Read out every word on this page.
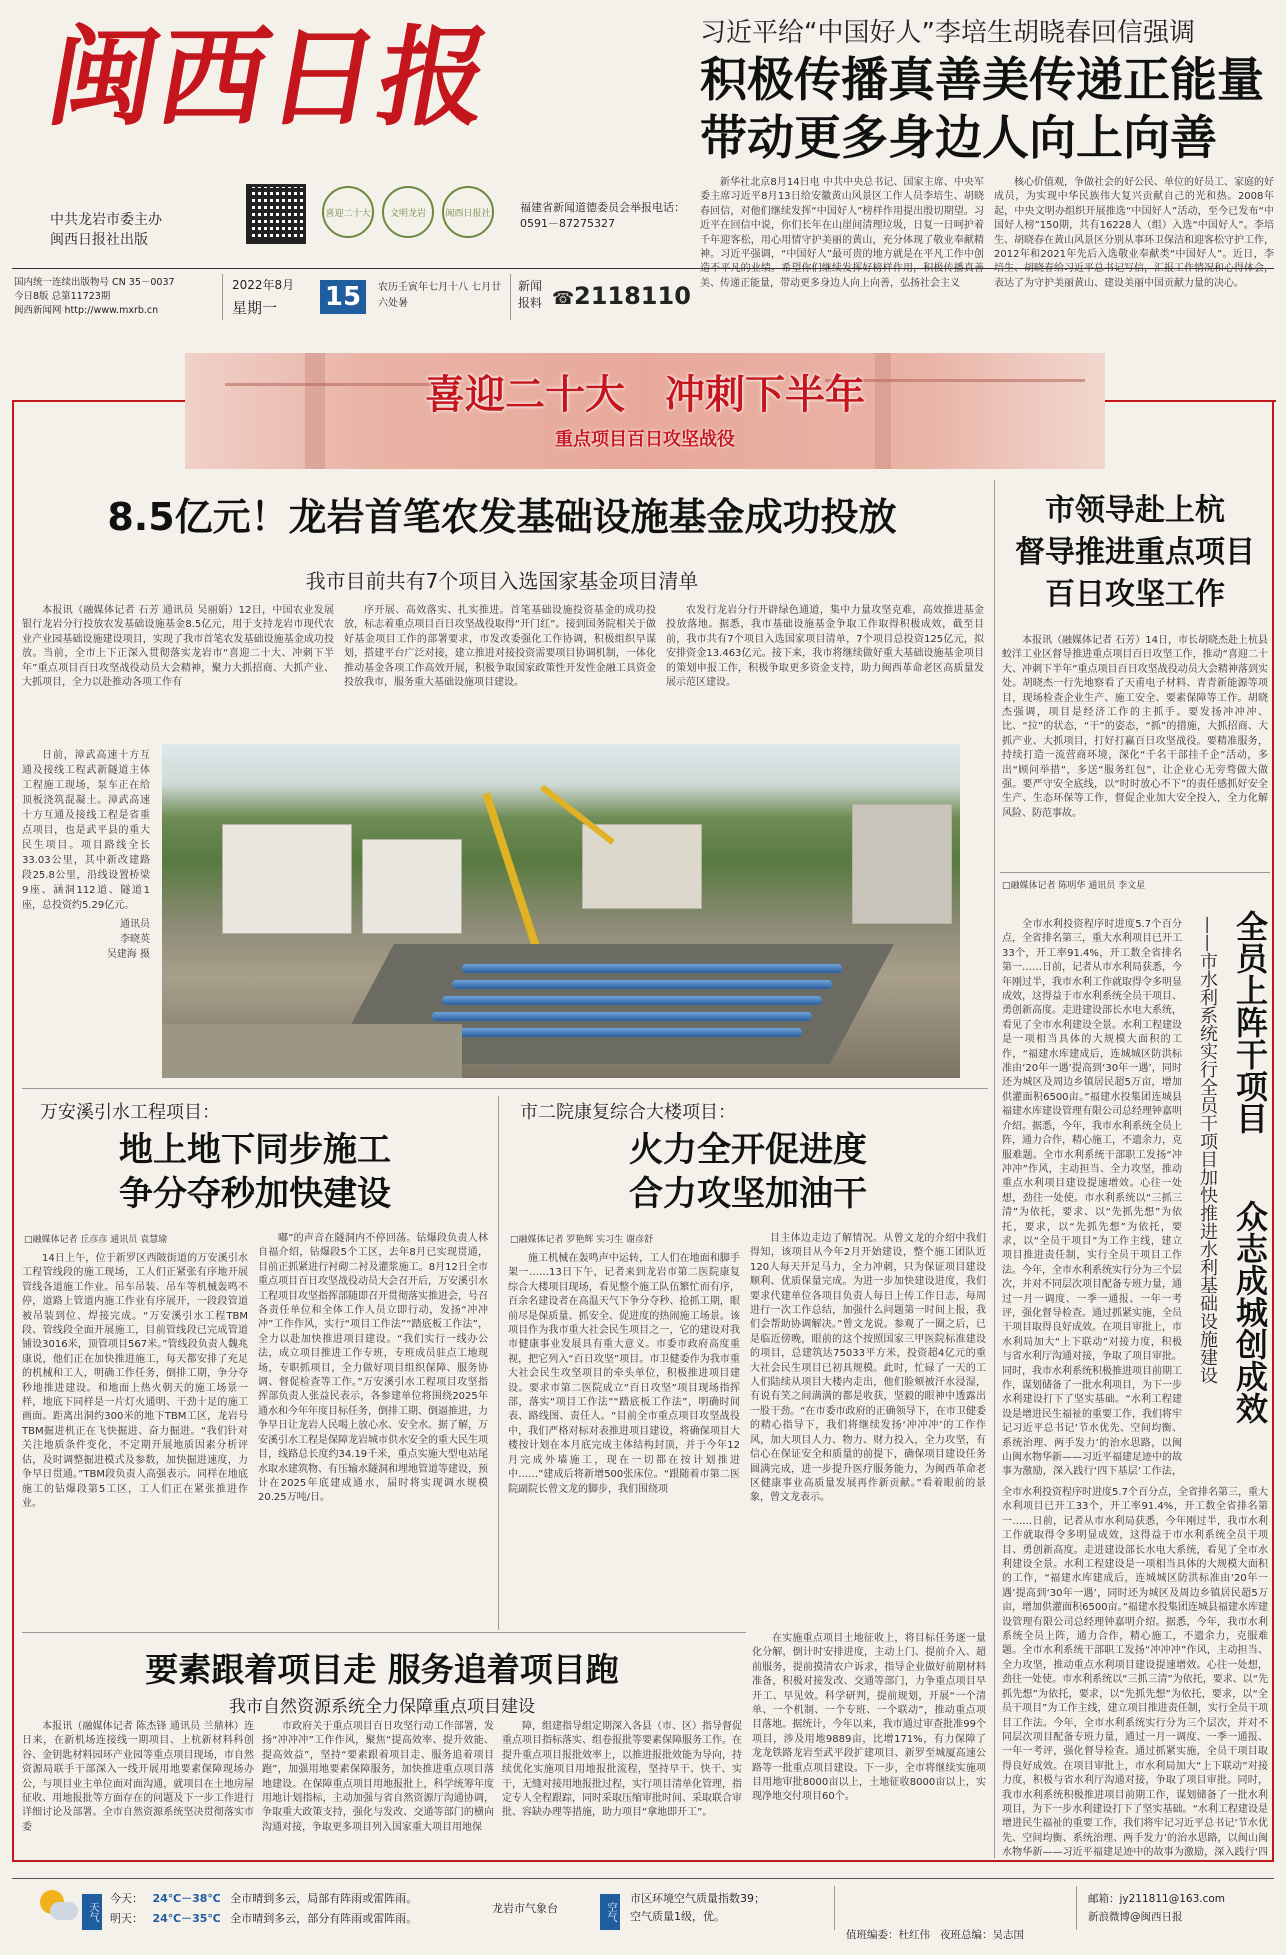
闽西日报
中共龙岩市委主办
闽西日报社出版
喜迎二十大	文明龙岩	闽西日报社	福建省新闻道德委员会举报电话：
0591－87275327
国内统一连续出版物号 CN 35－0037
今日8版 总第11723期
闽西新闻网 http://www.mxrb.cn
2022年8月
星期一	15	农历壬寅年七月十八 七月廿六处暑
新闻
报料 ☎ 2118110
习近平给“中国好人”李培生胡晓春回信强调
积极传播真善美传递正能量
带动更多身边人向上向善

新华社北京8月14日电 中共中央总书记、国家主席、中央军委主席习近平8月13日给安徽黄山风景区工作人员李培生、胡晓春回信，对他们继续发挥“中国好人”榜样作用提出殷切期望。习近平在回信中说，你们长年在山崖间清理垃圾，日复一日呵护着千年迎客松，用心用情守护美丽的黄山，充分体现了敬业奉献精神。习近平强调，“中国好人”最可贵的地方就是在平凡工作中创造不平凡的业绩。希望你们继续发挥好榜样作用，积极传播真善美、传递正能量，带动更多身边人向上向善，弘扬社会主义

核心价值观，争做社会的好公民、单位的好员工、家庭的好成员，为实现中华民族伟大复兴贡献自己的光和热。2008年起，中央文明办组织开展推选“中国好人”活动，至今已发布“中国好人榜”150期，共有16228人（组）入选“中国好人”。李培生、胡晓春在黄山风景区分别从事环卫保洁和迎客松守护工作，2012年和2021年先后入选敬业奉献类“中国好人”。近日，李培生、胡晓春给习近平总书记写信，汇报工作情况和心得体会，表达了为守护美丽黄山、建设美丽中国贡献力量的决心。

喜迎二十大　冲刺下半年
重点项目百日攻坚战役
8.5亿元！龙岩首笔农发基础设施基金成功投放
我市目前共有7个项目入选国家基金项目清单

本报讯（融媒体记者 石芳 通讯员 吴丽娟）12日，中国农业发展银行龙岩分行投放农发基础设施基金8.5亿元，用于支持龙岩市现代农业产业园基础设施建设项目，实现了我市首笔农发基础设施基金成功投放。当前，全市上下正深入贯彻落实龙岩市“喜迎二十大、冲刺下半年”重点项目百日攻坚战役动员大会精神，聚力大抓招商、大抓产业、大抓项目，全力以赴推动各项工作有

序开展、高效落实、扎实推进。首笔基础设施投资基金的成功投放，标志着重点项目百日攻坚战役取得“开门红”。接到国务院相关于做好基金项目工作的部署要求，市发改委强化工作协调，积极组织早谋划，搭建平台广泛对接，建立推进对接投资需要项目协调机制，一体化推动基金各项工作高效开展，积极争取国家政策性开发性金融工具资金投放我市，服务重大基础设施项目建设。

农发行龙岩分行开辟绿色通道，集中力量攻坚克难，高效推进基金投放落地。据悉，我市基础设施基金争取工作取得积极成效，截至目前，我市共有7个项目入选国家项目清单，7个项目总投资125亿元，拟安排资金13.463亿元。接下来，我市将继续做好重大基础设施基金项目的策划申报工作，积极争取更多资金支持，助力闽西革命老区高质量发展示范区建设。

日前，漳武高速十方互通及接线工程武新隧道主体工程施工现场，泵车正在给顶板浇筑混凝土。漳武高速十方互通及接线工程是省重点项目，也是武平县的重大民生项目。项目路线全长33.03公里，其中新改建路段25.8公里，沿线设置桥梁9座、涵洞112道、隧道1座，总投资约5.29亿元。

通讯员
李晓英
吴建海 摄
万安溪引水工程项目：
地上地下同步施工
争分夺秒加快建设
□融媒体记者 丘彦彦 通讯员 袁慧瑜

14日上午，位于新罗区西陂街道的万安溪引水工程管线段的施工现场，工人们正紧张有序地开展管线各道施工作业。吊车吊装、吊车等机械轰鸣不停，道路上管道内施工作业有序展开，一段段管道被吊装到位、焊接完成。“万安溪引水工程TBM段、管线段全面开展施工，目前管线段已完成管道铺设3016米，顶管项目567米。”管线段负责人魏兆康说，他们正在加快推进施工，每天都安排了充足的机械和工人，明确工作任务，倒排工期，争分夺秒地推进建设。和地面上热火朝天的施工场景一样，地底下同样是一片灯火通明、干劲十足的施工画面。距离出洞约300米的地下TBM工区，龙岩号TBM掘进机正在飞快掘进、奋力掘进。“我们针对关注地质条件变化，不定期开展地质因素分析评估，及时调整掘进模式及参数，加快掘进速度，力争早日贯通。”TBM段负责人高强表示。同样在地底施工的钻爆段第5工区，工人们正在紧张推进作业。

嘟”的声音在隧洞内不停回荡。钻爆段负责人林自福介绍，钻爆段5个工区，去年8月已实现贯通，目前正抓紧进行衬砌二衬及灌浆施工。8月12日全市重点项目百日攻坚战役动员大会召开后，万安溪引水工程项目攻坚指挥部随即召开贯彻落实推进会，号召各责任单位和全体工作人员立即行动，发扬“冲冲冲”工作作风，实行“项目工作法”“踏底板工作法”，全力以赴加快推进项目建设。“我们实行一线办公法，成立项目推进工作专班，专班成员驻点工地现场，专职抓项目，全力做好项目组织保障、服务协调、督促检查等工作。”万安溪引水工程项目攻坚指挥部负责人张益民表示，各参建单位将围绕2025年通水和今年年度目标任务，倒排工期、倒逼推进，力争早日让龙岩人民喝上放心水、安全水。据了解，万安溪引水工程是保障龙岩城市供水安全的重大民生项目，线路总长度约34.19千米，重点实施大型电站尾水取水建筑物、有压输水隧洞和埋地管道等建设，预计在2025年底建成通水，届时将实现调水规模20.25万吨/日。

市二院康复综合大楼项目：
火力全开促进度
合力攻坚加油干
□融媒体记者 罗艳辉 实习生 谢彦舒

施工机械在轰鸣声中运转，工人们在地面和脚手架一……13日下午，记者来到龙岩市第二医院康复综合大楼项目现场，看见整个施工队伍繁忙而有序，百余名建设者在高温天气下争分夺秒、抢抓工期，眼前尽是保质量、抓安全、促进度的热闹施工场景。该项目作为我市重大社会民生项目之一，它的建设对我市健康事业发展具有重大意义。市委市政府高度重视，把它列入“百日攻坚”项目。市卫健委作为我市重大社会民生攻坚项目的牵头单位，积极推进项目建设。要求市第二医院成立“百日攻坚”项目现场指挥部，落实“项目工作法”“踏底板工作法”，明确时间表、路线图、责任人。“目前全市重点项目攻坚战役中，我们严格对标对表推进项目建设，将确保项目大楼按计划在本月底完成主体结构封顶，并于今年12月完成外墙施工，现在一切都在按计划推进中……”建成后将新增500张床位。“跟随着市第二医院副院长曾文龙的脚步，我们围绕项

目主体边走边了解情况。从曾文龙的介绍中我们得知，该项目从今年2月开始建设，整个施工团队近120人每天开足马力，全力冲刺，只为保证项目建设顺利、优质保量完成。为进一步加快建设进度，我们要求代建单位各项目负责人每日上传工作日志，每周进行一次工作总结，加强什么问题第一时间上报，我们会帮助协调解决。”曾文龙说。参观了一圈之后，已是临近傍晚，眼前的这个按照国家三甲医院标准建设的项目，总建筑达75033平方米，投资超4亿元的重大社会民生项目已初具规模。此时，忙碌了一天的工人们陆续从项目大楼内走出，他们脸颊被汗水浸湿，有说有笑之间满满的都是收获，坚毅的眼神中透露出一股干劲。“在市委市政府的正确领导下，在市卫健委的精心指导下，我们将继续发扬‘冲冲冲’的工作作风，加大项目人力、物力、财力投入，全力攻坚，有信心在保证安全和质量的前提下，确保项目建设任务圆满完成，进一步提升医疗服务能力，为闽西革命老区健康事业高质量发展再作新贡献。”看着眼前的景象，曾文龙表示。

要素跟着项目走 服务追着项目跑
我市自然资源系统全力保障重点项目建设

本报讯（融媒体记者 陈杰锋 通讯员 兰鼎林）连日来，在新机场连接线一期项目、上杭新材料科创谷、金钥匙材料园环产业园等重点项目现场，市自然资源局联手干部深入一线开展用地要素保障现场办公，与项目业主单位面对面沟通，就项目在土地房屋征收、用地报批等方面存在的问题及下一步工作进行详细讨论及部署。全市自然资源系统坚决贯彻落实市委

市政府关于重点项目百日攻坚行动工作部署，发扬“冲冲冲”工作作风，聚焦“提高效率、提升效能、提高效益”，坚持“要素跟着项目走、服务追着项目跑”，加强用地要素保障服务，加快推进重点项目落地建设。在保障重点项目用地报批上，科学统筹年度用地计划指标，主动加强与省自然资源厅沟通协调，争取重大政策支持，强化与发改、交通等部门的横向沟通对接，争取更多项目列入国家重大项目用地保

障，组建指导组定期深入各县（市、区）指导督促重点项目指标落实、组卷报批等要素保障服务工作。在提升重点项目报批效率上，以推进报批效能为导向，持续优化实施项目用地报批流程，坚持早干、快干、实干，无缝对接用地报批过程，实行项目清单化管理，指定专人全程跟踪，同时采取压缩审批时间、采取联合审批、容缺办理等措施，助力项目“拿地即开工”。

在实施重点项目土地征收上，将目标任务逐一量化分解，倒计时安排进度，主动上门、提前介入、超前服务，提前摸清农户诉求，指导企业做好前期材料准备，积极对接发改、交通等部门，力争重点项目早开工、早见效。科学研判，提前规划，开展“一个清单、一个机制、一个专班、一个联动”，推动重点项目落地。据统计，今年以来，我市通过审查批准99个项目，涉及用地9889亩，比增171%，有力保障了龙龙铁路龙岩至武平段扩建项目、新罗至城厦高速公路等一批重点项目建设。下一步，全市将继续实施项目用地审批8000亩以上，土地征收8000亩以上，实现净地交付项目60个。

市领导赴上杭
督导推进重点项目
百日攻坚工作

本报讯（融媒体记者 石芳）14日，市长胡晓杰赴上杭县蛟洋工业区督导推进重点项目百日攻坚工作，推动“喜迎二十大、冲刺下半年”重点项目百日攻坚战役动员大会精神落到实处。胡晓杰一行先地察看了天甫电子材料、青青新能源等项目，现场检查企业生产、施工安全、要素保障等工作。胡晓杰强调，项目是经济工作的主抓手。要发扬冲冲冲、比、“拉”的状态，“干”的姿态，“抓”的措施，大抓招商、大抓产业、大抓项目，打好打赢百日攻坚战役。要精准服务，持续打造一流营商环境，深化“千名干部挂千企”活动，多出“顾问举措”，多送“服务红包”，让企业心无旁骛做大做强。要严守安全底线，以“时时放心不下”的责任感抓好安全生产、生态环保等工作，督促企业加大安全投入，全力化解风险、防范事故。

□融媒体记者 陈明华 通讯员 李文星
全员上阵干项目
众志成城创成效
——市水利系统实行全员干项目加快推进水利基础设施建设

全市水利投资程序时进度5.7个百分点，全省排名第三，重大水利项目已开工33个，开工率91.4%，开工数全省排名第一……日前，记者从市水利局获悉，今年刚过半，我市水利工作就取得令多明显成效，这得益于市水利系统全员干项目、勇创新高度。走进建设部长水电大系统，看见了全市水利建设全景。水利工程建设是一项相当具体的大规模大面积的工作，“福建水库建成后，连城城区防洪标准由‘20年一遇’提高到‘30年一遇’，同时还为城区及周边乡镇居民超5万亩，增加供灌面积6500亩。”福建水投集团连城县福建水库建设管理有限公司总经理钟嘉明介绍。据悉，今年，我市水利系统全员上阵，通力合作，精心施工，不遗余力，克服难题。全市水利系统干部职工发扬“冲冲冲”作风，主动担当、全力攻坚，推动重点水利项目建设提速增效。心往一处想，劲往一处使。市水利系统以“三抓三清”为依托，要求、以“先抓先想”为依托，要求，以“先抓先想”为依托，要求，以“全员干项目”为工作主线，建立项目推进责任制，实行全员干项目工作法。今年，全市水利系统实行分为三个层次，并对不同层次项目配备专班力量，通过一月一调度、一季一通报、一年一考评，强化督导检查。通过抓紧实施，全员干项目取得良好成效。在项目审批上，市水利局加大“上下联动”对接力度，积极与省水利厅沟通对接，争取了项目审批。同时，我市水利系统积极推进项目前期工作，谋划储备了一批水利项目，为下一步水利建设打下了坚实基础。“水利工程建设是增进民生福祉的重要工作，我们将牢记习近平总书记‘节水优先、空间均衡、系统治理、两手发力’的治水思路，以闽山闽水物华新——习近平福建足迹中的故事为激励，深入践行‘四下基层’工作法，

全市水利投资程序时进度5.7个百分点，全省排名第三，重大水利项目已开工33个，开工率91.4%，开工数全省排名第一……日前，记者从市水利局获悉，今年刚过半，我市水利工作就取得令多明显成效，这得益于市水利系统全员干项目、勇创新高度。走进建设部长水电大系统，看见了全市水利建设全景。水利工程建设是一项相当具体的大规模大面积的工作，“福建水库建成后，连城城区防洪标准由‘20年一遇’提高到‘30年一遇’，同时还为城区及周边乡镇居民超5万亩，增加供灌面积6500亩。”福建水投集团连城县福建水库建设管理有限公司总经理钟嘉明介绍。据悉，今年，我市水利系统全员上阵，通力合作，精心施工，不遗余力，克服难题。全市水利系统干部职工发扬“冲冲冲”作风，主动担当、全力攻坚，推动重点水利项目建设提速增效。心往一处想，劲往一处使。市水利系统以“三抓三清”为依托，要求、以“先抓先想”为依托，要求，以“先抓先想”为依托，要求，以“全员干项目”为工作主线，建立项目推进责任制，实行全员干项目工作法。今年，全市水利系统实行分为三个层次，并对不同层次项目配备专班力量，通过一月一调度、一季一通报、一年一考评，强化督导检查。通过抓紧实施，全员干项目取得良好成效。在项目审批上，市水利局加大“上下联动”对接力度，积极与省水利厅沟通对接，争取了项目审批。同时，我市水利系统积极推进项目前期工作，谋划储备了一批水利项目，为下一步水利建设打下了坚实基础。“水利工程建设是增进民生福祉的重要工作，我们将牢记习近平总书记‘节水优先、空间均衡、系统治理、两手发力’的治水思路，以闽山闽水物华新——习近平福建足迹中的故事为激励，深入践行‘四

天气
今天： 24℃－38℃ 全市晴到多云，局部有阵雨或雷阵雨。
明天： 24℃－35℃ 全市晴到多云，部分有阵雨或雷阵雨。
龙岩市气象台	空气
市区环境空气质量指数39；
空气质量1级，优。

值班编委：杜红伟   夜班总编：吴志国

邮箱：jy211811@163.com
新浪微博@闽西日报
